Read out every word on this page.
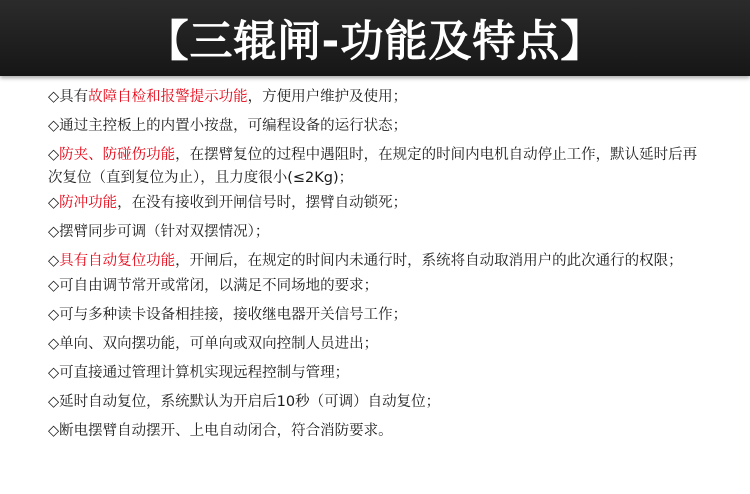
【三辊闸-功能及特点】
◇具有故障自检和报警提示功能，方便用户维护及使用；
◇通过主控板上的内置小按盘，可编程设备的运行状态；
◇防夹、防碰伤功能，在摆臂复位的过程中遇阻时，在规定的时间内电机自动停止工作，默认延时后再次复位（直到复位为止），且力度很小(≤2Kg)；
◇防冲功能，在没有接收到开闸信号时，摆臂自动锁死；
◇摆臂同步可调（针对双摆情况）；
◇具有自动复位功能，开闸后，在规定的时间内未通行时，系统将自动取消用户的此次通行的权限；
◇可自由调节常开或常闭，以满足不同场地的要求；
◇可与多种读卡设备相挂接，接收继电器开关信号工作；
◇单向、双向摆功能，可单向或双向控制人员进出；
◇可直接通过管理计算机实现远程控制与管理；
◇延时自动复位，系统默认为开启后10秒（可调）自动复位；
◇断电摆臂自动摆开、上电自动闭合，符合消防要求。
